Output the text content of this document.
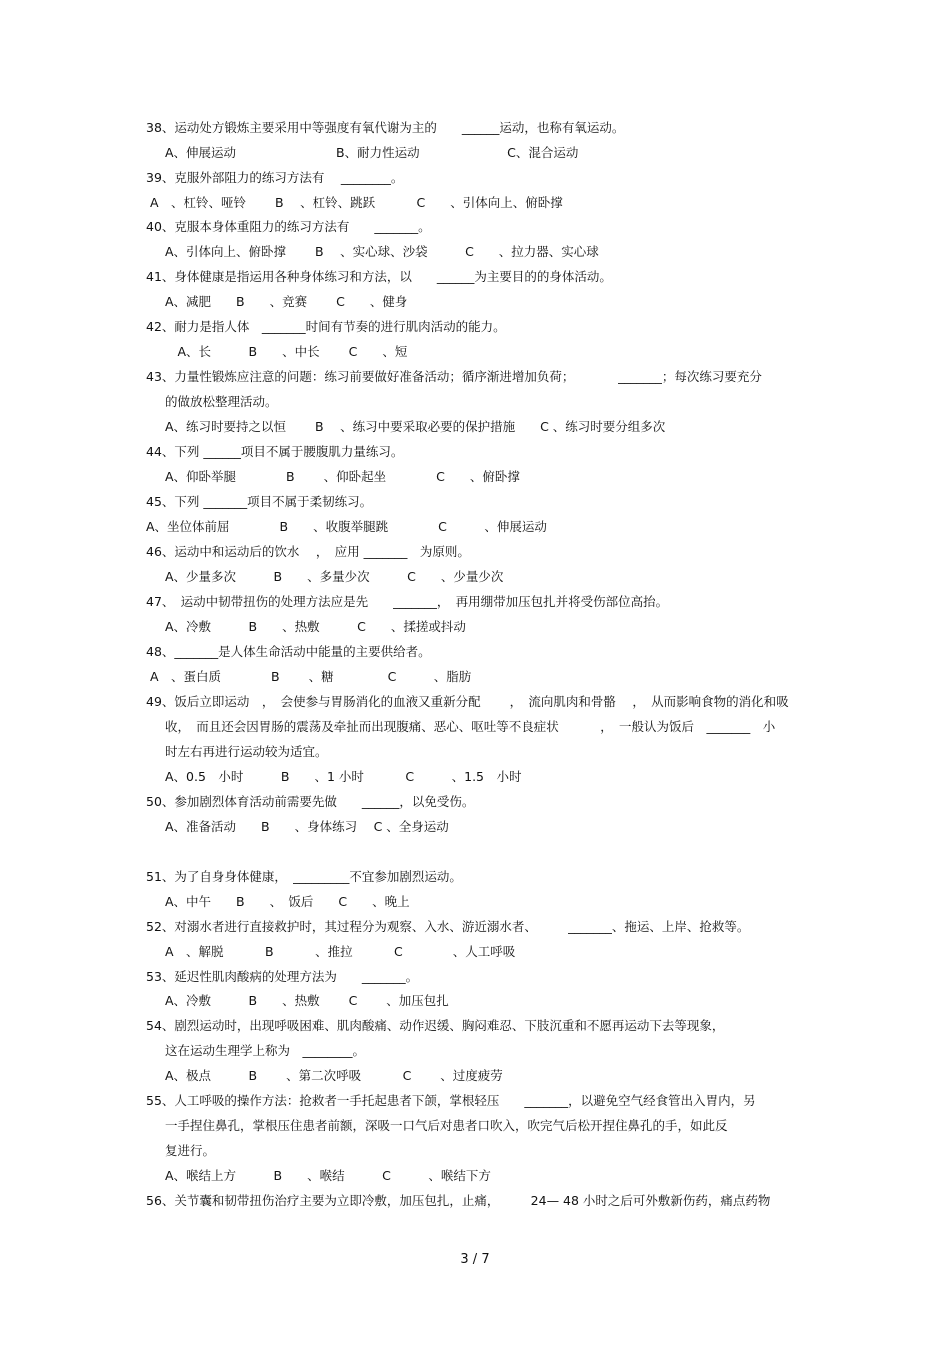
38、运动处方锻炼主要采用中等强度有氧代谢为主的　　______运动，也称有氧运动。
A、伸展运动　　　　　　　　B、耐力性运动　　　　　　　C、混合运动
39、克服外部阻力的练习方法有　 ________。
A　、杠铃、哑铃　　 B　 、杠铃、跳跃　　　 C　　、引体向上、俯卧撑
40、克服本身体重阻力的练习方法有　　_______。
A、引体向上、俯卧撑　　 B　 、实心球、沙袋　　　C　　、拉力器、实心球
41、身体健康是指运用各种身体练习和方法，以　　______为主要目的的身体活动。
A、减肥　　B　　、竞赛　　 C　　、健身
42、耐力是指人体　_______时间有节奏的进行肌肉活动的能力。
　A、长　　　B　　、中长　　 C　　、短
43、力量性锻炼应注意的问题：练习前要做好准备活动；循序渐进增加负荷；　　　　_______；每次练习要充分
的做放松整理活动。
A、练习时要持之以恒　　 B　 、练习中要采取必要的保护措施　　C 、练习时要分组多次
44、下列 ______项目不属于腰腹肌力量练习。
A、仰卧举腿　　　　B　　 、仰卧起坐　　　　C　　、俯卧撑
45、下列 _______项目不属于柔韧练习。
A、坐位体前屈　　　　B　　、收腹举腿跳　　　　C　　　、伸展运动
46、运动中和运动后的饮水　 ，　应用 _______　为原则。
A、少量多次　　　B　　、多量少次　　　C　　、少量少次
47、　运动中韧带扭伤的处理方法应是先　　_______，　再用绷带加压包扎并将受伤部位高抬。
A、冷敷　　　B　　、热敷　　　C　　、揉搓或抖动
48、_______是人体生命活动中能量的主要供给者。
A　、蛋白质　　　　B　　 、糖　　　　 C　　　、脂肪
49、饭后立即运动　，　会使参与胃肠消化的血液又重新分配　　 ，　流向肌肉和骨骼　 ，　从而影响食物的消化和吸
收，　而且还会因胃肠的震荡及牵扯而出现腹痛、恶心、呕吐等不良症状　　　 ，　一般认为饭后　_______　小
时左右再进行运动较为适宜。
A、0.5　小时　　　B　　、1 小时　　　 C　　　、1.5　小时
50、参加剧烈体育活动前需要先做　　______，以免受伤。
A、准备活动　　B　　、身体练习　 C 、全身运动
51、为了自身身体健康，　_________不宜参加剧烈运动。
A、中午　　B　　、　饭后　　C　　、晚上
52、对溺水者进行直接救护时，其过程分为观察、入水、游近溺水者、　　　_______、拖运、上岸、抢救等。
A　、解脱　　　 B　　　 、推拉　　　 C　　　　、人工呼吸
53、延迟性肌肉酸病的处理方法为　　_______。
A、冷敷　　　B　　、热敷　　 C　　 、加压包扎
54、剧烈运动时，出现呼吸困难、肌肉酸痛、动作迟缓、胸闷难忍、下肢沉重和不愿再运动下去等现象，
这在运动生理学上称为　________。
A、极点　　　B　　 、第二次呼吸　　　 C　　 、过度疲劳
55、人工呼吸的操作方法：抢救者一手托起患者下颌，掌根轻压　　_______，以避免空气经食管出入胃内，另
一手捏住鼻孔，掌根压住患者前额，深吸一口气后对患者口吹入，吹完气后松开捏住鼻孔的手，如此反
复进行。
A、喉结上方　　　B　　、喉结　　　C　　　、喉结下方
56、关节囊和韧带扭伤治疗主要为立即冷敷，加压包扎，止痛，　　　24— 48 小时之后可外敷新伤药，痛点药物
3 / 7
